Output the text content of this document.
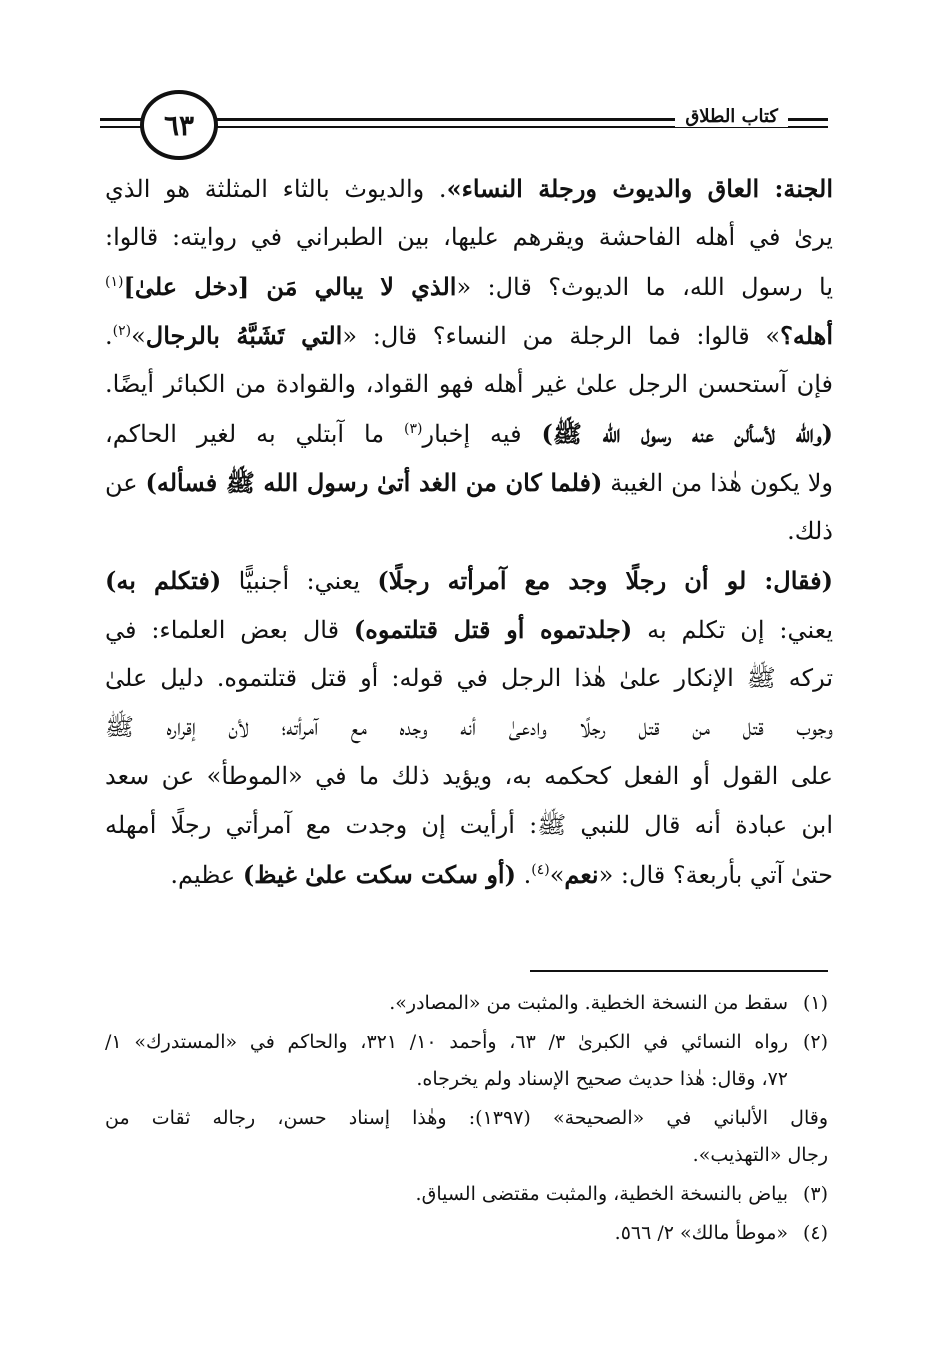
٦٣	كتاب الطلاق
الجنة: العاق والديوث ورجلة النساء». والديوث بالثاء المثلثة هو الذي
يرىٰ في أهله الفاحشة ويقرهم عليها، بين الطبراني في روايته: قالوا:
يا رسول الله، ما الديوث؟ قال: «الذي لا يبالي مَن [دخل علىٰ]$^{(١)}$
أهله؟» قالوا: فما الرجلة من النساء؟ قال: «التي تَشَبَّهُ بالرجال»$^{(٢)}$.
فإن آستحسن الرجل علىٰ غير أهله فهو القواد، والقوادة من الكبائر أيضًا.
(والله لأسألن عنه رسول الله ﷺ) فيه إخبار$^{(٣)}$ ما آبتلي به لغير الحاكم،
ولا يكون هٰذا من الغيبة (فلما كان من الغد أتىٰ رسول الله ﷺ فسأله) عن
ذلك.
(فقال: لو أن رجلًا وجد مع آمرأته رجلًا) يعني: أجنبيًّا (فتكلم به)
يعني: إن تكلم به (جلدتموه أو قتل قتلتموه) قال بعض العلماء: في
تركه ﷺ الإنكار علىٰ هٰذا الرجل في قوله: أو قتل قتلتموه. دليل علىٰ
وجوب قتل من قتل رجلًا وادعىٰ أنه وجده مع آمرأته؛ لأن إقراره ﷺ
على القول أو الفعل كحكمه به، ويؤيد ذلك ما في «الموطأ» عن سعد
ابن عبادة أنه قال للنبي ﷺ: أرأيت إن وجدت مع آمرأتي رجلًا أمهله
حتىٰ آتي بأربعة؟ قال: «نعم»$^{(٤)}$. (أو سكت سكت علىٰ غيظ) عظيم.
(١)
سقط من النسخة الخطية. والمثبت من «المصادر».
(٢)
رواه النسائي في الكبرىٰ ٣/ ٦٣، وأحمد ١٠/ ٣٢١، والحاكم في «المستدرك» ١/
٧٢، وقال: هٰذا حديث صحيح الإسناد ولم يخرجاه.
وقال الألباني في «الصحيحة» (١٣٩٧): وهٰذا إسناد حسن، رجاله ثقات من
رجال «التهذيب».
(٣)
بياض بالنسخة الخطية، والمثبت مقتضى السياق.
(٤)
«موطأ مالك» ٢/ ٥٦٦.
